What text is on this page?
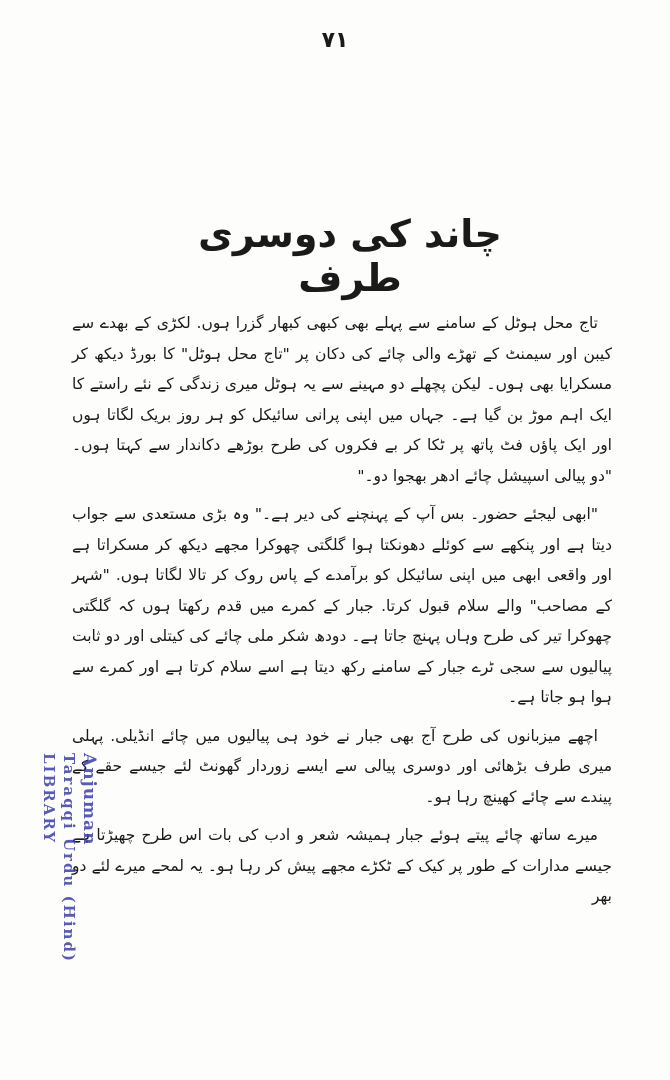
۷۱
چاند کی دوسری طرف

تاج محل ہوٹل کے سامنے سے پہلے بھی کبھی کبھار گزرا ہوں. لکڑی کے بھدے سے کیبن اور سیمنٹ کے تھڑے والی چائے کی دکان پر "تاج محل ہوٹل" کا بورڈ دیکھ کر مسکرایا بھی ہوں۔ لیکن پچھلے دو مہینے سے یہ ہوٹل میری زندگی کے نئے راستے کا ایک اہم موڑ بن گیا ہے۔ جہاں میں اپنی پرانی سائیکل کو ہر روز بریک لگاتا ہوں اور ایک پاؤں فٹ پاتھ پر ٹکا کر بے فکروں کی طرح بوڑھے دکاندار سے کہتا ہوں۔ "دو پیالی اسپیشل چائے ادھر بھجوا دو۔"

"ابھی لیجئے حضور۔ بس آپ کے پہنچنے کی دیر ہے۔" وہ بڑی مستعدی سے جواب دیتا ہے اور پنکھے سے کوئلے دھونکتا ہوا گلگتی چھوکرا مجھے دیکھ کر مسکراتا ہے اور واقعی ابھی میں اپنی سائیکل کو برآمدے کے پاس روک کر تالا لگاتا ہوں. "شہر کے مصاحب" والے سلام قبول کرتا. جبار کے کمرے میں قدم رکھتا ہوں کہ گلگتی چھوکرا تیر کی طرح وہاں پہنچ جاتا ہے۔ دودھ شکر ملی چائے کی کیتلی اور دو ثابت پیالیوں سے سجی ٹرے جبار کے سامنے رکھ دیتا ہے اسے سلام کرتا ہے اور کمرے سے ہوا ہو جاتا ہے۔

اچھے میزبانوں کی طرح آج بھی جبار نے خود ہی پیالیوں میں چائے انڈیلی. پہلی میری طرف بڑھائی اور دوسری پیالی سے ایسے زوردار گھونٹ لئے جیسے حقے کے پیندے سے چائے کھینچ رہا ہو۔

میرے ساتھ چائے پیتے ہوئے جبار ہمیشہ شعر و ادب کی بات اس طرح چھیڑتا ہے جیسے مدارات کے طور پر کیک کے ٹکڑے مجھے پیش کر رہا ہو۔ یہ لمحے میرے لئے دو بھر

Anjuman
Taraqqi Urdu (Hind)
LIBRARY
